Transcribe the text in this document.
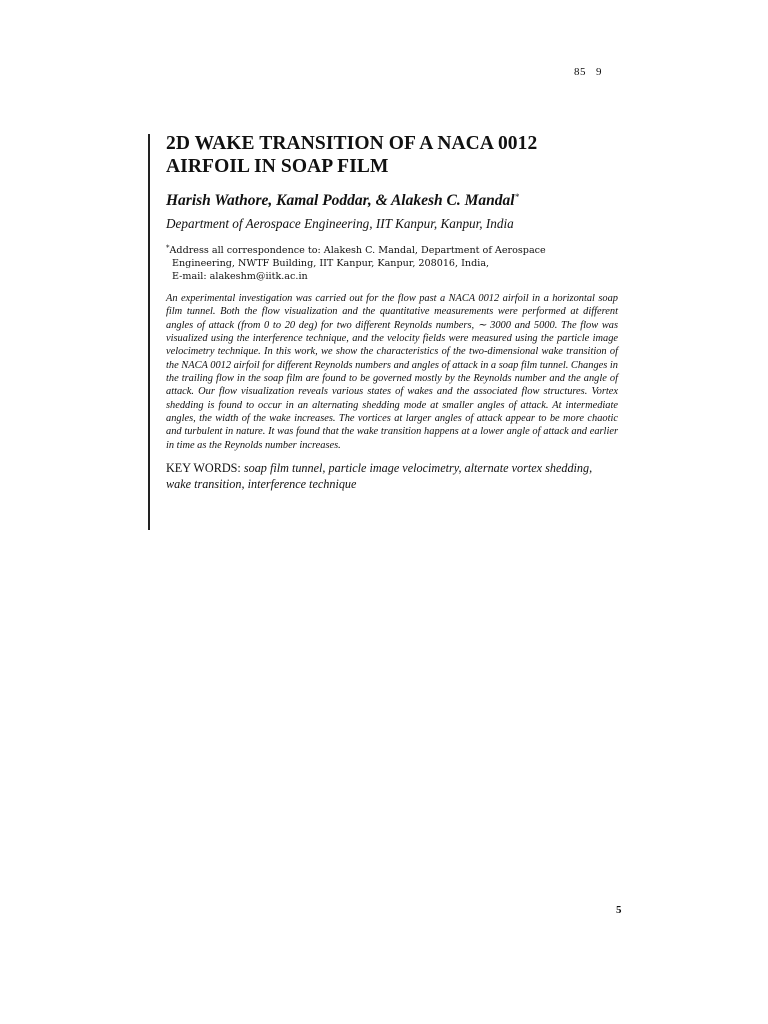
85 9
2D WAKE TRANSITION OF A NACA 0012
AIRFOIL IN SOAP FILM

Harish Wathore, Kamal Poddar, & Alakesh C. Mandal*

Department of Aerospace Engineering, IIT Kanpur, Kanpur, India

*Address all correspondence to: Alakesh C. Mandal, Department of Aerospace
Engineering, NWTF Building, IIT Kanpur, Kanpur, 208016, India,
E-mail: alakeshm@iitk.ac.in

An experimental investigation was carried out for the flow past a NACA 0012 airfoil in a horizontal soap film tunnel. Both the flow visualization and the quantitative measurements were performed at different angles of attack (from 0 to 20 deg) for two different Reynolds numbers, ∼ 3000 and 5000. The flow was visualized using the interference technique, and the velocity fields were measured using the particle image velocimetry technique. In this work, we show the characteristics of the two-dimensional wake transition of the NACA 0012 airfoil for different Reynolds numbers and angles of attack in a soap film tunnel. Changes in the trailing flow in the soap film are found to be governed mostly by the Reynolds number and the angle of attack. Our flow visualization reveals various states of wakes and the associated flow structures. Vortex shedding is found to occur in an alternating shedding mode at smaller angles of attack. At intermediate angles, the width of the wake increases. The vortices at larger angles of attack appear to be more chaotic and turbulent in nature. It was found that the wake transition happens at a lower angle of attack and earlier in time as the Reynolds number increases.

KEY WORDS: soap film tunnel, particle image velocimetry, alternate vortex shedding, wake transition, interference technique

5
